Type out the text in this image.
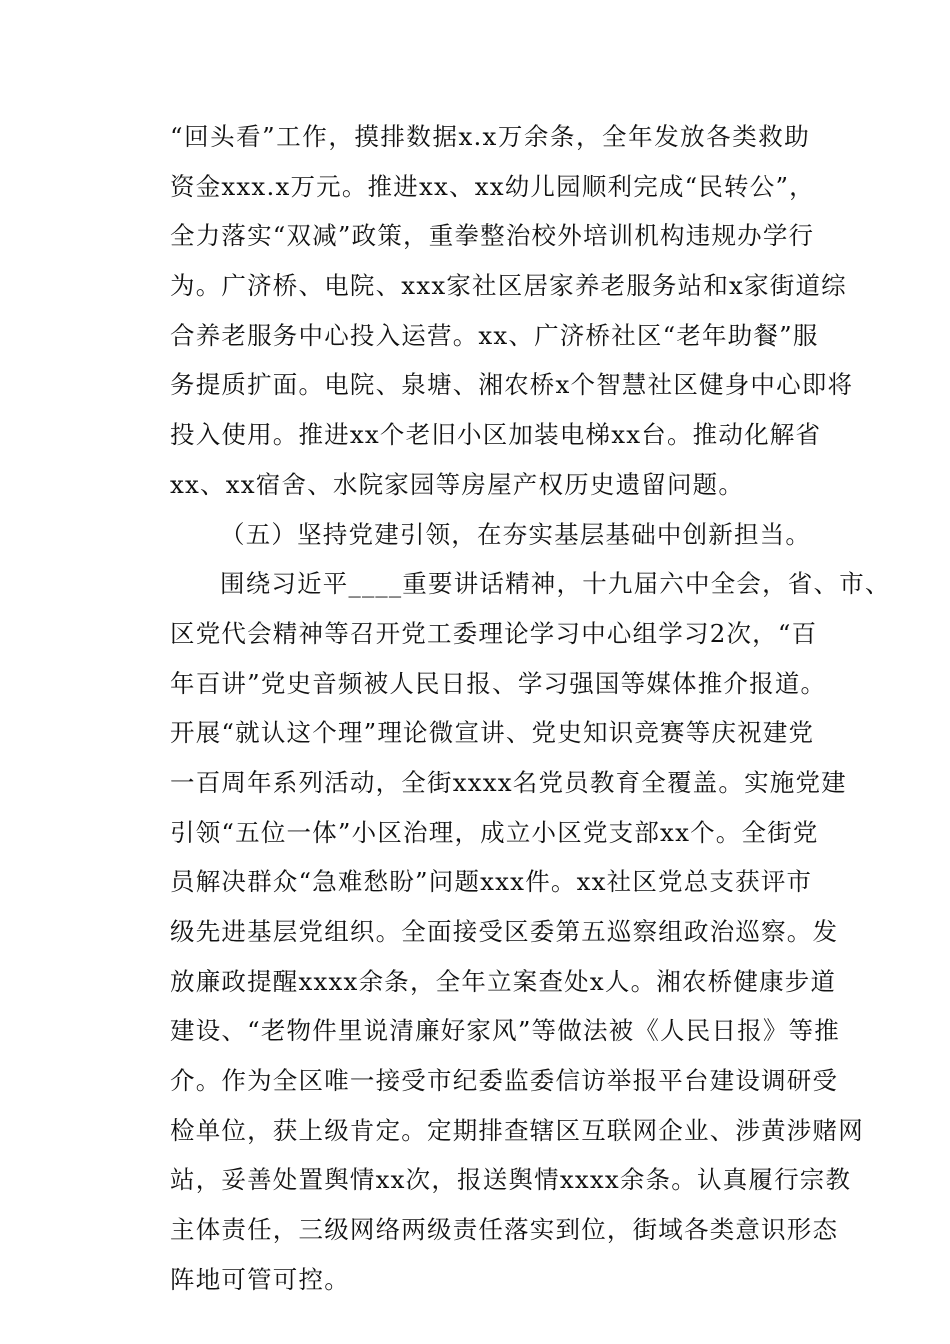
“回头看”工作，摸排数据x.x万余条，全年发放各类救助
资金xxx.x万元。推进xx、xx幼儿园顺利完成“民转公”，
全力落实“双减”政策，重拳整治校外培训机构违规办学行
为。广济桥、电院、xxx家社区居家养老服务站和x家街道综
合养老服务中心投入运营。xx、广济桥社区“老年助餐”服
务提质扩面。电院、泉塘、湘农桥x个智慧社区健身中心即将
投入使用。推进xx个老旧小区加装电梯xx台。推动化解省
xx、xx宿舍、水院家园等房屋产权历史遗留问题。
（五）坚持党建引领，在夯实基层基础中创新担当。
围绕习近平____重要讲话精神，十九届六中全会，省、市、
区党代会精神等召开党工委理论学习中心组学习2次，“百
年百讲”党史音频被人民日报、学习强国等媒体推介报道。
开展“就认这个理”理论微宣讲、党史知识竞赛等庆祝建党
一百周年系列活动，全街xxxx名党员教育全覆盖。实施党建
引领“五位一体”小区治理，成立小区党支部xx个。全街党
员解决群众“急难愁盼”问题xxx件。xx社区党总支获评市
级先进基层党组织。全面接受区委第五巡察组政治巡察。发
放廉政提醒xxxx余条，全年立案查处x人。湘农桥健康步道
建设、“老物件里说清廉好家风”等做法被《人民日报》等推
介。作为全区唯一接受市纪委监委信访举报平台建设调研受
检单位，获上级肯定。定期排查辖区互联网企业、涉黄涉赌网
站，妥善处置舆情xx次，报送舆情xxxx余条。认真履行宗教
主体责任，三级网络两级责任落实到位，街域各类意识形态
阵地可管可控。
